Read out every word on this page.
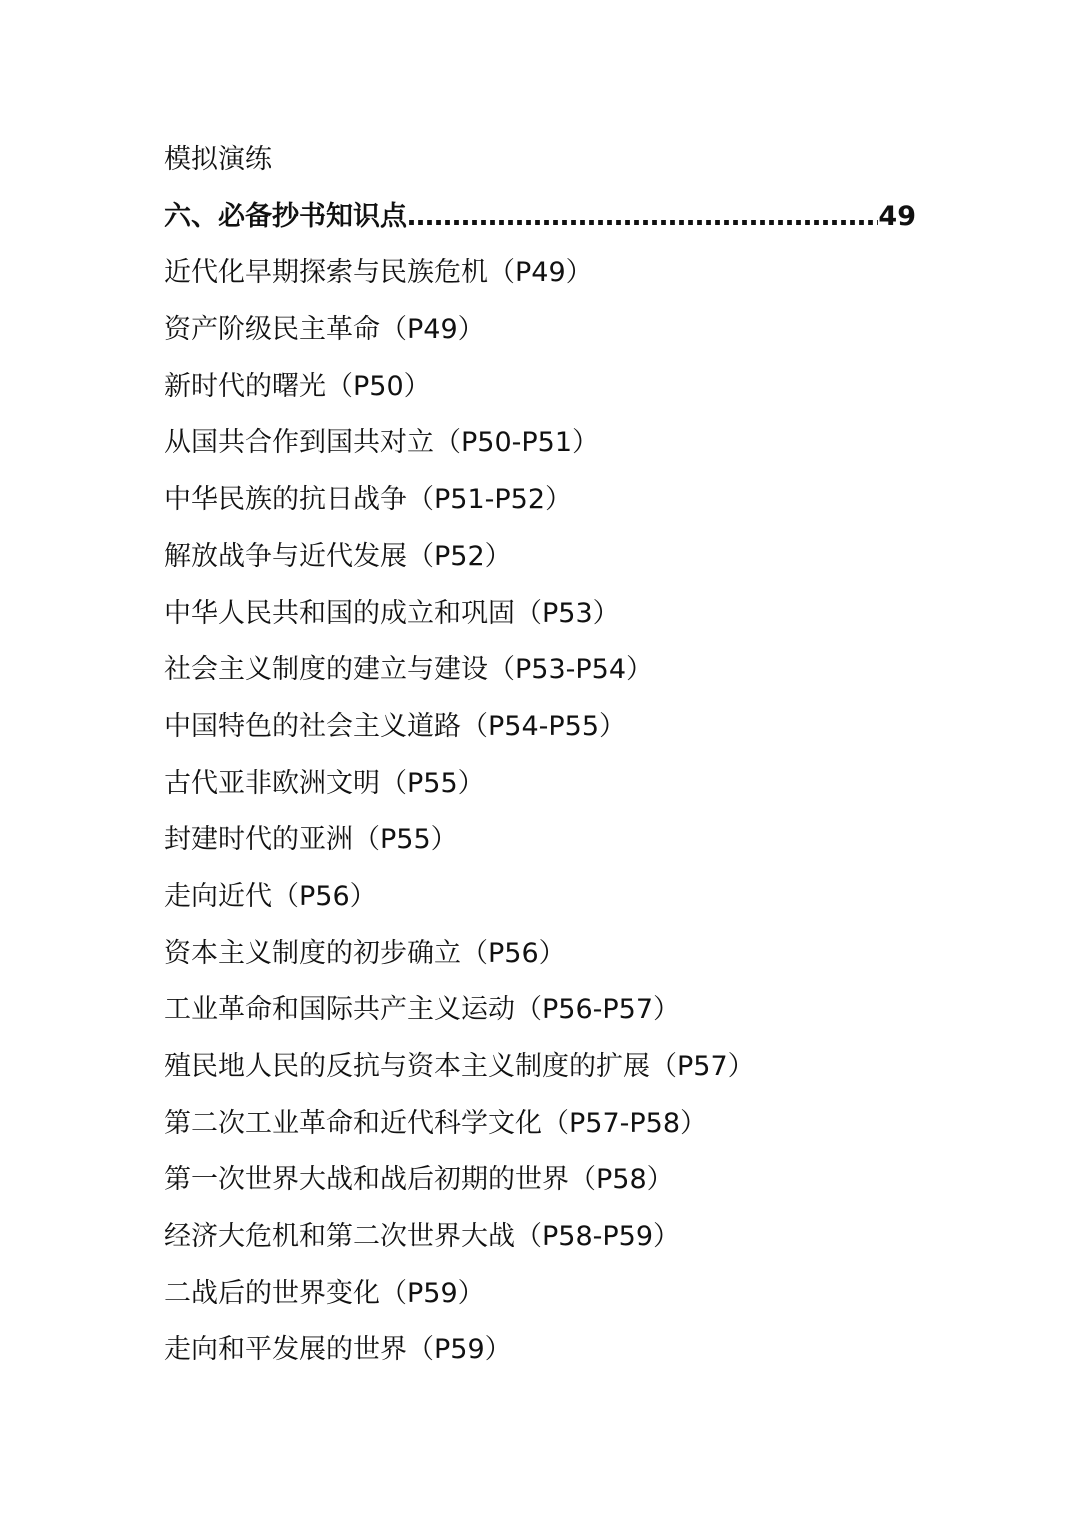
模拟演练
六、必备抄书知识点
……………………………………………………………………………………………………………………………………………	49
近代化早期探索与民族危机（P49）
资产阶级民主革命（P49）
新时代的曙光（P50）
从国共合作到国共对立（P50-P51）
中华民族的抗日战争（P51-P52）
解放战争与近代发展（P52）
中华人民共和国的成立和巩固（P53）
社会主义制度的建立与建设（P53-P54）
中国特色的社会主义道路（P54-P55）
古代亚非欧洲文明（P55）
封建时代的亚洲（P55）
走向近代（P56）
资本主义制度的初步确立（P56）
工业革命和国际共产主义运动（P56-P57）
殖民地人民的反抗与资本主义制度的扩展（P57）
第二次工业革命和近代科学文化（P57-P58）
第一次世界大战和战后初期的世界（P58）
经济大危机和第二次世界大战（P58-P59）
二战后的世界变化（P59）
走向和平发展的世界（P59）
